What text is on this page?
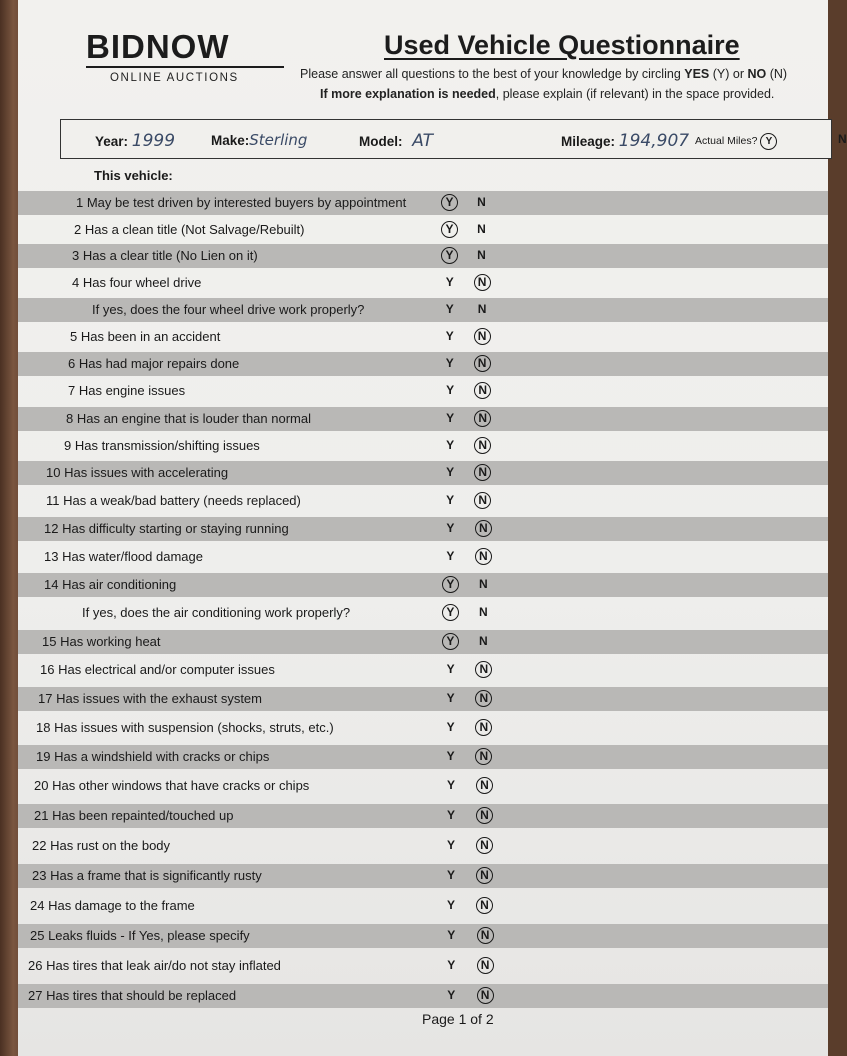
BIDNOW
ONLINE AUCTIONS
Used Vehicle Questionnaire
Please answer all questions to the best of your knowledge by circling YES (Y) or NO (N)
If more explanation is needed, please explain (if relevant) in the space provided.
Year: 1999	Make:Sterling	Model: AT	Mileage: 194,907 Actual Miles? Y	N
This vehicle:
1 May be test driven by interested buyers by appointment	Y	N
2 Has a clean title (Not Salvage/Rebuilt)	Y	N
3 Has a clear title (No Lien on it)	Y	N
4 Has four wheel drive	Y	N
If yes, does the four wheel drive work properly?	Y	N
5 Has been in an accident	Y	N
6 Has had major repairs done	Y	N
7 Has engine issues	Y	N
8 Has an engine that is louder than normal	Y	N
9 Has transmission/shifting issues	Y	N
10 Has issues with accelerating	Y	N
11 Has a weak/bad battery (needs replaced)	Y	N
12 Has difficulty starting or staying running	Y	N
13 Has water/flood damage	Y	N
14 Has air conditioning	Y	N
If yes, does the air conditioning work properly?	Y	N
15 Has working heat	Y	N
16 Has electrical and/or computer issues	Y	N
17 Has issues with the exhaust system	Y	N
18 Has issues with suspension (shocks, struts, etc.)	Y	N
19 Has a windshield with cracks or chips	Y	N
20 Has other windows that have cracks or chips	Y	N
21 Has been repainted/touched up	Y	N
22 Has rust on the body	Y	N
23 Has a frame that is significantly rusty	Y	N
24 Has damage to the frame	Y	N
25 Leaks fluids - If Yes, please specify	Y	N
26 Has tires that leak air/do not stay inflated	Y	N
27 Has tires that should be replaced	Y	N
Page 1 of 2
